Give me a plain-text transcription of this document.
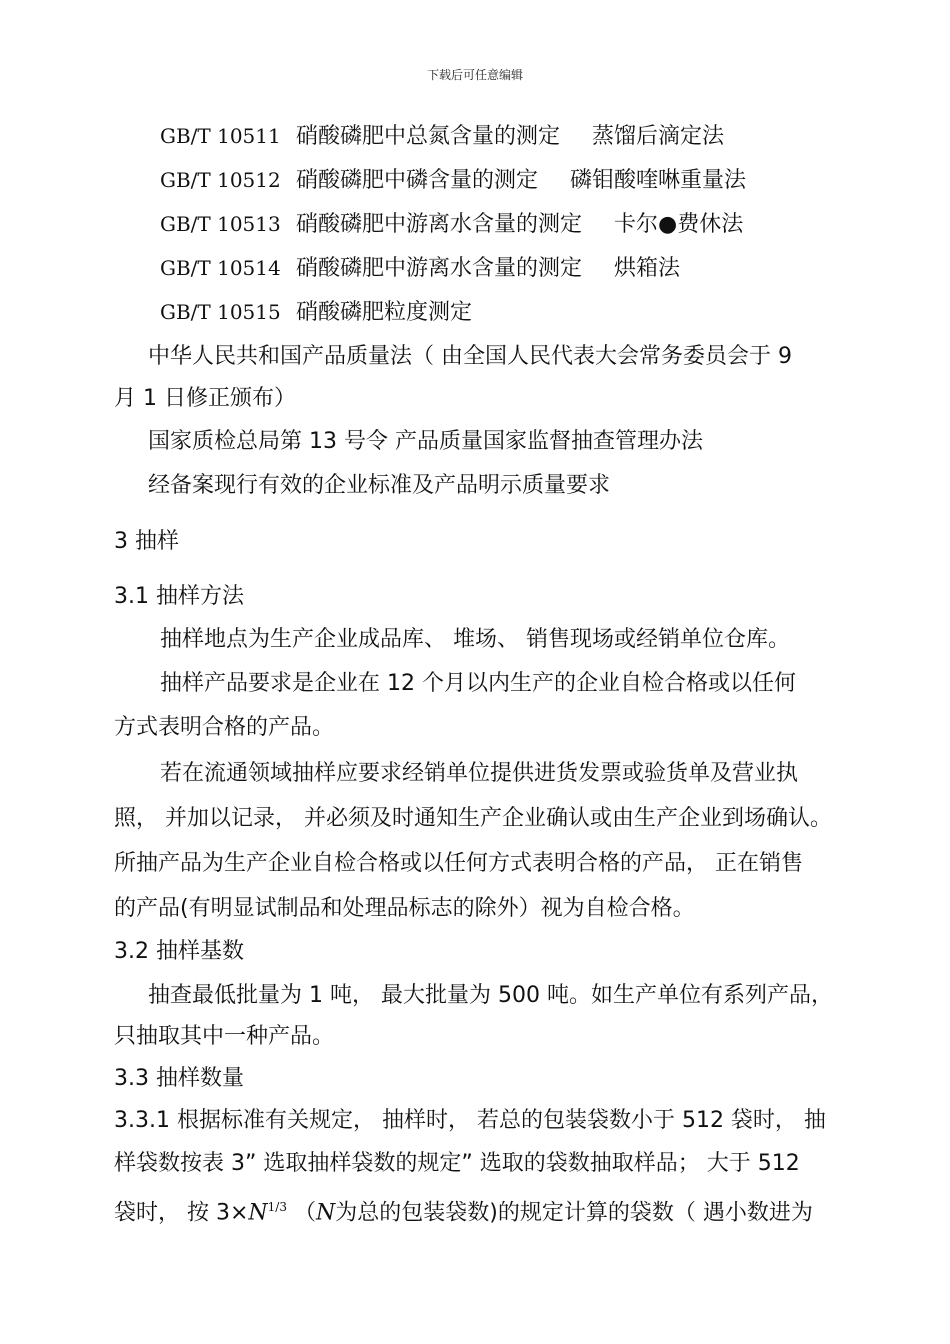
下载后可任意编辑
GB/T 10511 硝酸磷肥中总氮含量的测定 蒸馏后滴定法
GB/T 10512 硝酸磷肥中磷含量的测定 磷钼酸喹啉重量法
GB/T 10513 硝酸磷肥中游离水含量的测定 卡尔●费休法
GB/T 10514 硝酸磷肥中游离水含量的测定 烘箱法
GB/T 10515 硝酸磷肥粒度测定
中华人民共和国产品质量法（ 由全国人民代表大会常务委员会于 9
月 1 日修正颁布）
国家质检总局第 13 号令 产品质量国家监督抽查管理办法
经备案现行有效的企业标准及产品明示质量要求
3 抽样
3.1 抽样方法
抽样地点为生产企业成品库、 堆场、 销售现场或经销单位仓库。
抽样产品要求是企业在 12 个月以内生产的企业自检合格或以任何
方式表明合格的产品。
若在流通领域抽样应要求经销单位提供进货发票或验货单及营业执
照， 并加以记录， 并必须及时通知生产企业确认或由生产企业到场确认。
所抽产品为生产企业自检合格或以任何方式表明合格的产品， 正在销售
的产品(有明显试制品和处理品标志的除外）视为自检合格。
3.2 抽样基数
抽查最低批量为 1 吨， 最大批量为 500 吨。如生产单位有系列产品，
只抽取其中一种产品。
3.3 抽样数量
3.3.1 根据标准有关规定， 抽样时， 若总的包装袋数小于 512 袋时， 抽
样袋数按表 3” 选取抽样袋数的规定” 选取的袋数抽取样品； 大于 512
袋时， 按 $3\times N^{1/3}$ （N为总的包装袋数)的规定计算的袋数（ 遇小数进为
